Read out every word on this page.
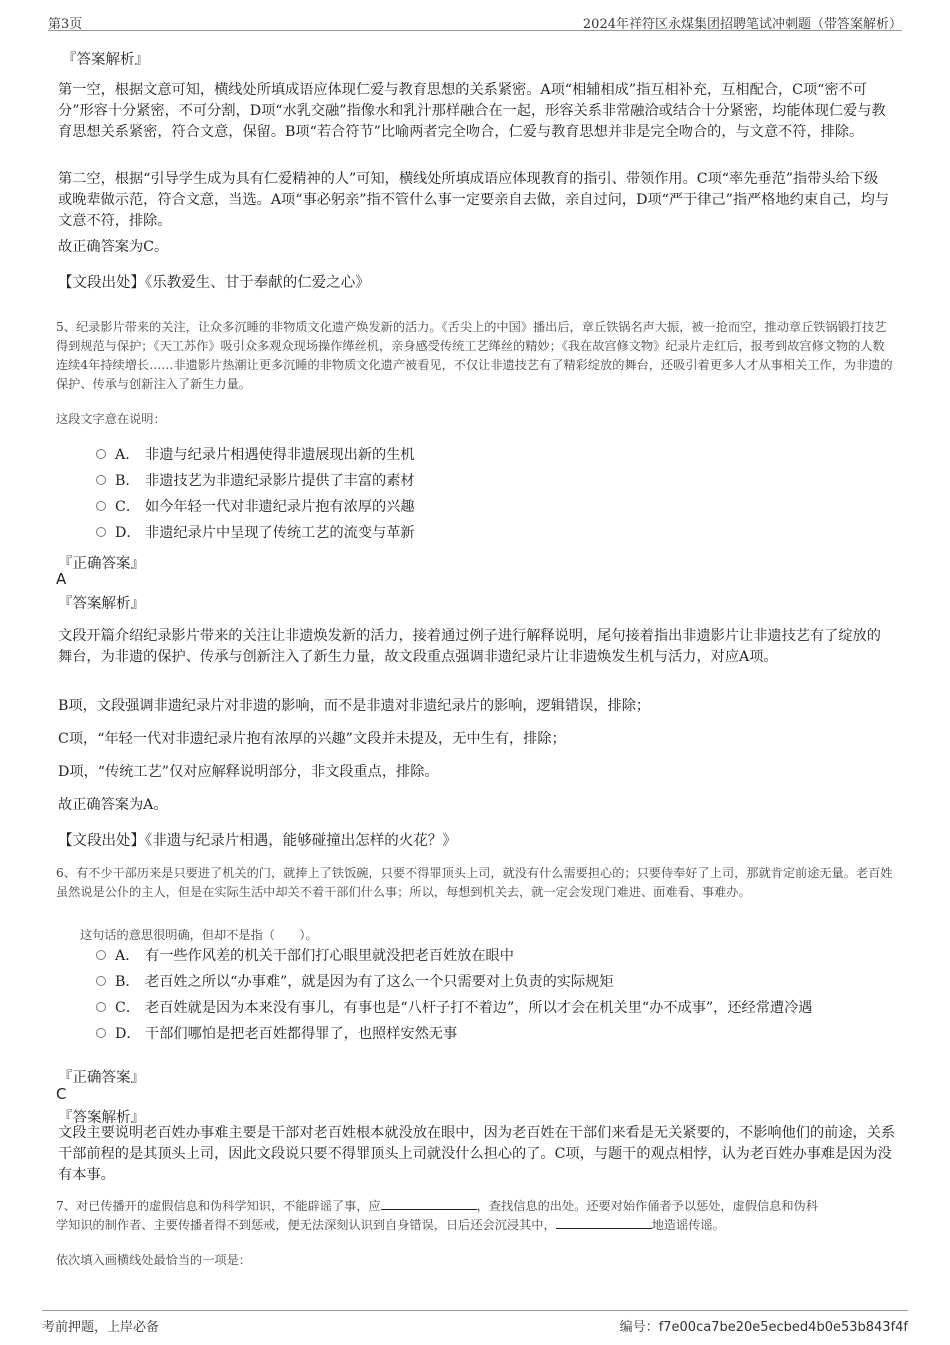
第3页	2024年祥符区永煤集团招聘笔试冲刺题（带答案解析）
『答案解析』
第一空，根据文意可知，横线处所填成语应体现仁爱与教育思想的关系紧密。A项“相辅相成”指互相补充，互相配合，C项“密不可分”形容十分紧密，不可分割，D项“水乳交融”指像水和乳汁那样融合在一起，形容关系非常融洽或结合十分紧密，均能体现仁爱与教育思想关系紧密，符合文意，保留。B项“若合符节”比喻两者完全吻合，仁爱与教育思想并非是完全吻合的，与文意不符，排除。
第二空，根据“引导学生成为具有仁爱精神的人”可知，横线处所填成语应体现教育的指引、带领作用。C项“率先垂范”指带头给下级或晚辈做示范，符合文意，当选。A项“事必躬亲”指不管什么事一定要亲自去做，亲自过问，D项“严于律己”指严格地约束自己，均与文意不符，排除。
故正确答案为C。
【文段出处】《乐教爱生、甘于奉献的仁爱之心》
5、纪录影片带来的关注，让众多沉睡的非物质文化遗产焕发新的活力。《舌尖上的中国》播出后，章丘铁锅名声大振，被一抢而空，推动章丘铁锅锻打技艺得到规范与保护；《天工苏作》吸引众多观众现场操作缂丝机，亲身感受传统工艺缂丝的精妙；《我在故宫修文物》纪录片走红后，报考到故宫修文物的人数连续4年持续增长……非遗影片热潮让更多沉睡的非物质文化遗产被看见，不仅让非遗技艺有了精彩绽放的舞台，还吸引着更多人才从事相关工作，为非遗的保护、传承与创新注入了新生力量。
这段文字意在说明：
A． 非遗与纪录片相遇使得非遗展现出新的生机
B． 非遗技艺为非遗纪录影片提供了丰富的素材
C． 如今年轻一代对非遗纪录片抱有浓厚的兴趣
D． 非遗纪录片中呈现了传统工艺的流变与革新
『正确答案』
A
『答案解析』
文段开篇介绍纪录影片带来的关注让非遗焕发新的活力，接着通过例子进行解释说明，尾句接着指出非遗影片让非遗技艺有了绽放的舞台，为非遗的保护、传承与创新注入了新生力量，故文段重点强调非遗纪录片让非遗焕发生机与活力，对应A项。
B项，文段强调非遗纪录片对非遗的影响，而不是非遗对非遗纪录片的影响，逻辑错误，排除；
C项，“年轻一代对非遗纪录片抱有浓厚的兴趣”文段并未提及，无中生有，排除；
D项，“传统工艺”仅对应解释说明部分，非文段重点，排除。
故正确答案为A。
【文段出处】《非遗与纪录片相遇，能够碰撞出怎样的火花？》
6、有不少干部历来是只要进了机关的门，就捧上了铁饭碗，只要不得罪顶头上司，就没有什么需要担心的；只要侍奉好了上司，那就肯定前途无量。老百姓虽然说是公仆的主人，但是在实际生活中却关不着干部们什么事；所以，每想到机关去，就一定会发现门难进、面难看、事难办。
这句话的意思很明确，但却不是指（　　）。
A． 有一些作风差的机关干部们打心眼里就没把老百姓放在眼中
B． 老百姓之所以“办事难”，就是因为有了这么一个只需要对上负责的实际规矩
C． 老百姓就是因为本来没有事儿，有事也是“八杆子打不着边”，所以才会在机关里“办不成事”，还经常遭冷遇
D． 干部们哪怕是把老百姓都得罪了，也照样安然无事
『正确答案』
C
『答案解析』
文段主要说明老百姓办事难主要是干部对老百姓根本就没放在眼中，因为老百姓在干部们来看是无关紧要的，不影响他们的前途，关系干部前程的是其顶头上司，因此文段说只要不得罪顶头上司就没什么担心的了。C项，与题干的观点相悖，认为老百姓办事难是因为没有本事。
7、对已传播开的虚假信息和伪科学知识，不能辟谣了事，应	，查找信息的出处。还要对始作俑者予以惩处，虚假信息和伪科
学知识的制作者、主要传播者得不到惩戒，便无法深刻认识到自身错误，日后还会沉浸其中，	地造谣传谣。
依次填入画横线处最恰当的一项是：
考前押题，上岸必备	编号：f7e00ca7be20e5ecbed4b0e53b843f4f
